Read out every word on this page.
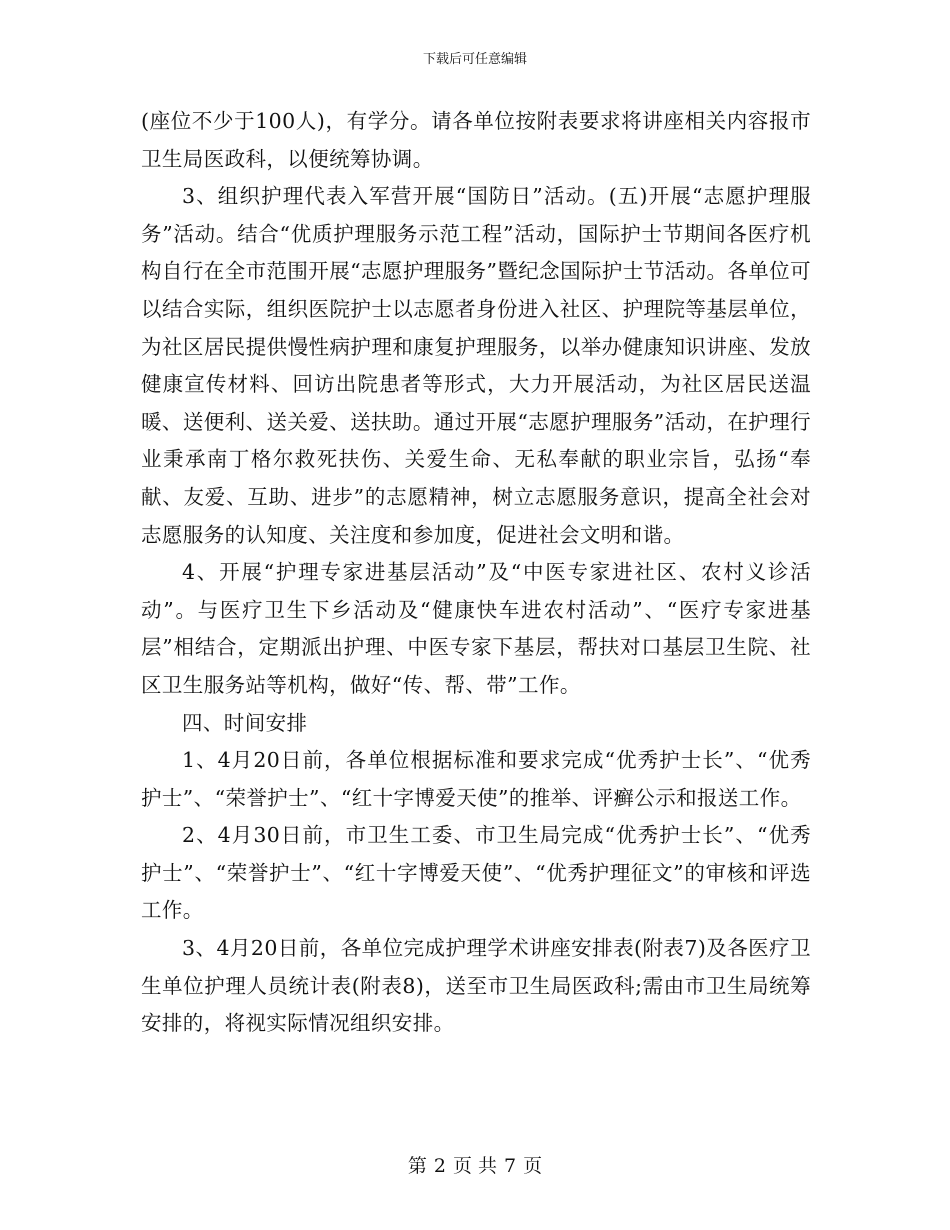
下载后可任意编辑

(座位不少于100人)，有学分。请各单位按附表要求将讲座相关内容报市卫生局医政科，以便统筹协调。

3、组织护理代表入军营开展“国防日”活动。(五)开展“志愿护理服务”活动。结合“优质护理服务示范工程”活动，国际护士节期间各医疗机构自行在全市范围开展“志愿护理服务”暨纪念国际护士节活动。各单位可以结合实际，组织医院护士以志愿者身份进入社区、护理院等基层单位，为社区居民提供慢性病护理和康复护理服务，以举办健康知识讲座、发放健康宣传材料、回访出院患者等形式，大力开展活动，为社区居民送温暖、送便利、送关爱、送扶助。通过开展“志愿护理服务”活动，在护理行业秉承南丁格尔救死扶伤、关爱生命、无私奉献的职业宗旨，弘扬“奉献、友爱、互助、进步”的志愿精神，树立志愿服务意识，提高全社会对志愿服务的认知度、关注度和参加度，促进社会文明和谐。

4、开展“护理专家进基层活动”及“中医专家进社区、农村义诊活动”。与医疗卫生下乡活动及“健康快车进农村活动”、“医疗专家进基层”相结合，定期派出护理、中医专家下基层，帮扶对口基层卫生院、社区卫生服务站等机构，做好“传、帮、带”工作。

四、时间安排

1、4月20日前，各单位根据标准和要求完成“优秀护士长”、“优秀护士”、“荣誉护士”、“红十字博爱天使”的推举、评癣公示和报送工作。

2、4月30日前，市卫生工委、市卫生局完成“优秀护士长”、“优秀护士”、“荣誉护士”、“红十字博爱天使”、“优秀护理征文”的审核和评选工作。

3、4月20日前，各单位完成护理学术讲座安排表(附表7)及各医疗卫生单位护理人员统计表(附表8)，送至市卫生局医政科;需由市卫生局统筹安排的，将视实际情况组织安排。

第 2 页 共 7 页
